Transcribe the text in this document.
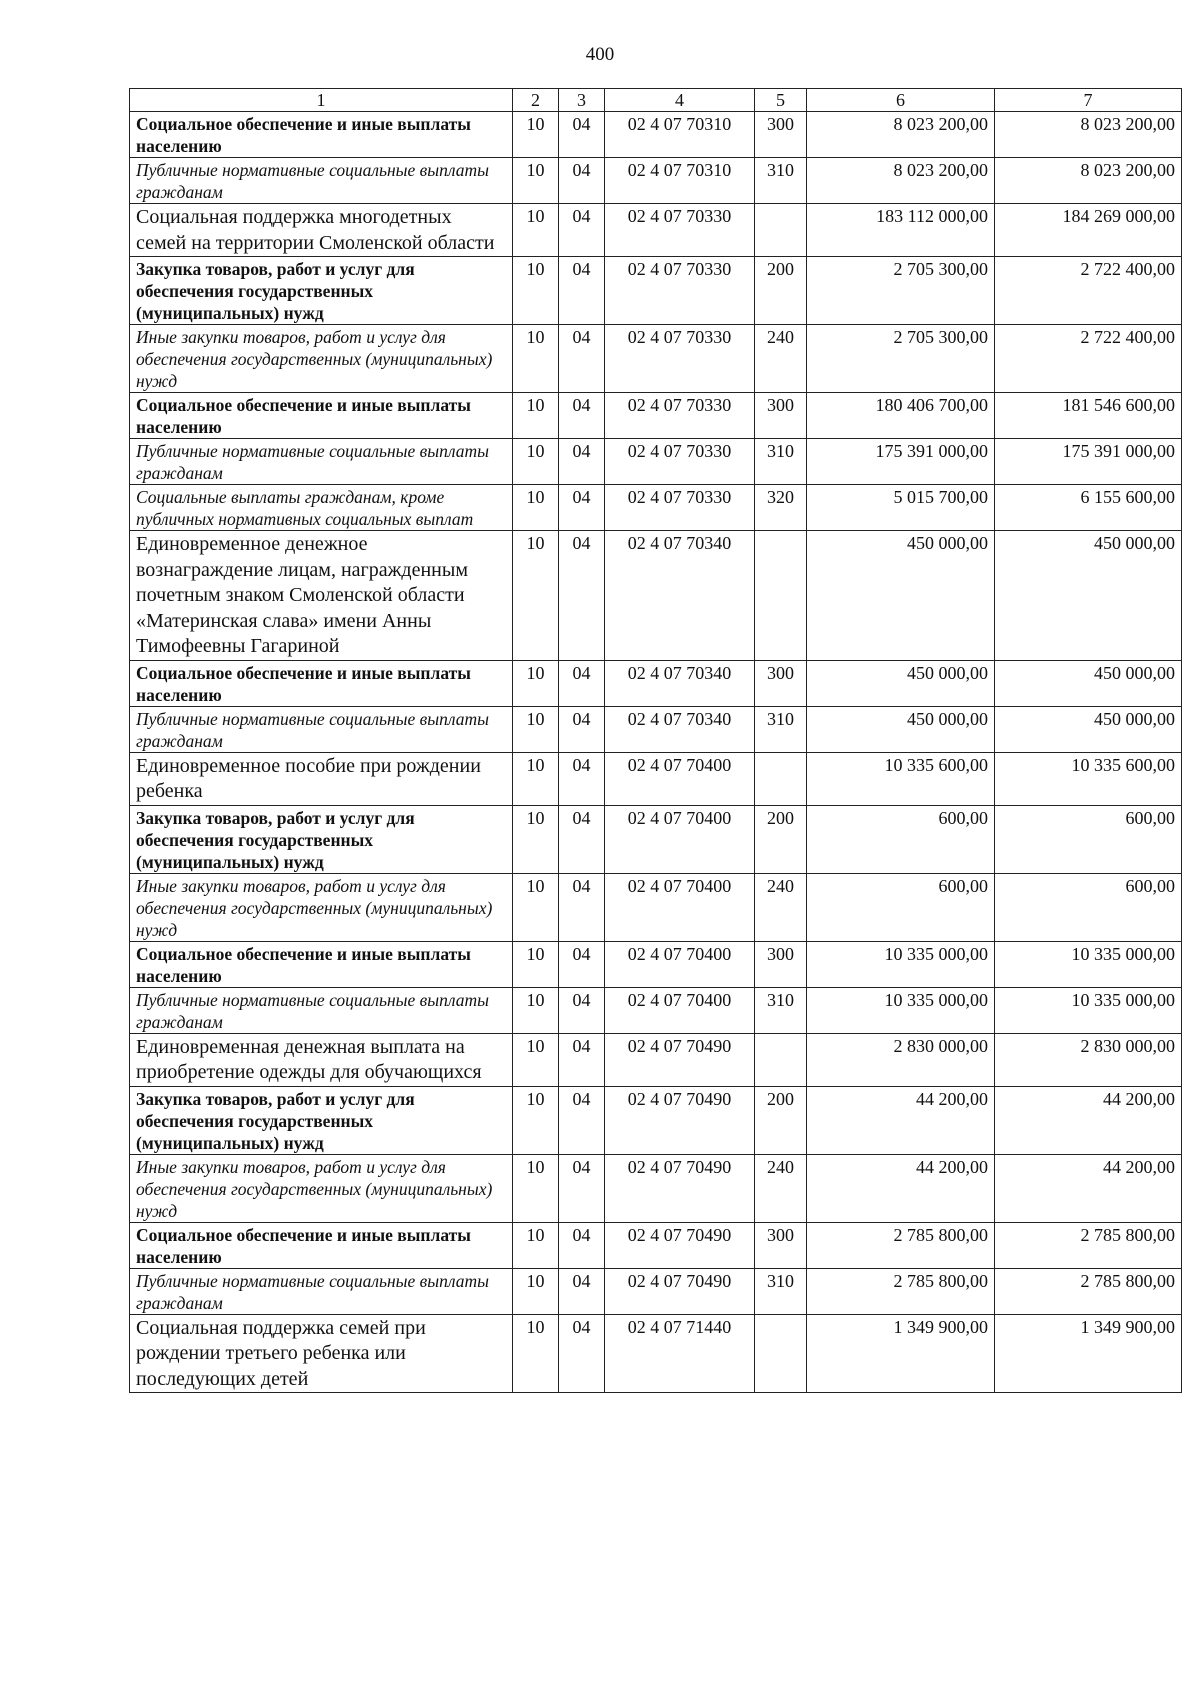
400
1	2	3	4	5	6	7
Социальное обеспечение и иные выплаты населению	10	04	02 4 07 70310	300	8 023 200,00	8 023 200,00
Публичные нормативные социальные выплаты гражданам	10	04	02 4 07 70310	310	8 023 200,00	8 023 200,00
Социальная поддержка многодетных семей на территории Смоленской области	10	04	02 4 07 70330		183 112 000,00	184 269 000,00
Закупка товаров, работ и услуг для обеспечения государственных (муниципальных) нужд	10	04	02 4 07 70330	200	2 705 300,00	2 722 400,00
Иные закупки товаров, работ и услуг для обеспечения государственных (муниципальных) нужд	10	04	02 4 07 70330	240	2 705 300,00	2 722 400,00
Социальное обеспечение и иные выплаты населению	10	04	02 4 07 70330	300	180 406 700,00	181 546 600,00
Публичные нормативные социальные выплаты гражданам	10	04	02 4 07 70330	310	175 391 000,00	175 391 000,00
Социальные выплаты гражданам, кроме публичных нормативных социальных выплат	10	04	02 4 07 70330	320	5 015 700,00	6 155 600,00
Единовременное денежное вознаграждение лицам, награжденным почетным знаком Смоленской области «Материнская слава» имени Анны Тимофеевны Гагариной	10	04	02 4 07 70340		450 000,00	450 000,00
Социальное обеспечение и иные выплаты населению	10	04	02 4 07 70340	300	450 000,00	450 000,00
Публичные нормативные социальные выплаты гражданам	10	04	02 4 07 70340	310	450 000,00	450 000,00
Единовременное пособие при рождении ребенка	10	04	02 4 07 70400		10 335 600,00	10 335 600,00
Закупка товаров, работ и услуг для обеспечения государственных (муниципальных) нужд	10	04	02 4 07 70400	200	600,00	600,00
Иные закупки товаров, работ и услуг для обеспечения государственных (муниципальных) нужд	10	04	02 4 07 70400	240	600,00	600,00
Социальное обеспечение и иные выплаты населению	10	04	02 4 07 70400	300	10 335 000,00	10 335 000,00
Публичные нормативные социальные выплаты гражданам	10	04	02 4 07 70400	310	10 335 000,00	10 335 000,00
Единовременная денежная выплата на приобретение одежды для обучающихся	10	04	02 4 07 70490		2 830 000,00	2 830 000,00
Закупка товаров, работ и услуг для обеспечения государственных (муниципальных) нужд	10	04	02 4 07 70490	200	44 200,00	44 200,00
Иные закупки товаров, работ и услуг для обеспечения государственных (муниципальных) нужд	10	04	02 4 07 70490	240	44 200,00	44 200,00
Социальное обеспечение и иные выплаты населению	10	04	02 4 07 70490	300	2 785 800,00	2 785 800,00
Публичные нормативные социальные выплаты гражданам	10	04	02 4 07 70490	310	2 785 800,00	2 785 800,00
Социальная поддержка семей при рождении третьего ребенка или последующих детей	10	04	02 4 07 71440		1 349 900,00	1 349 900,00
